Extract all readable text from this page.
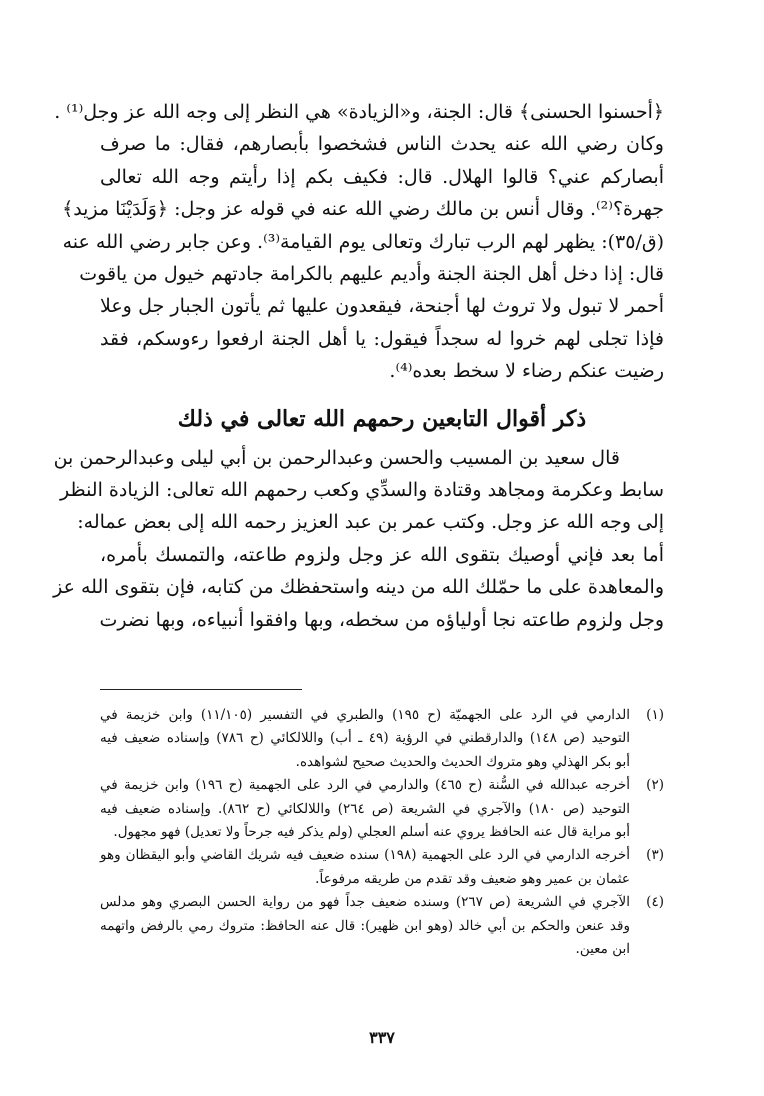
﴿أحسنوا الحسنى﴾ قال: الجنة، و«الزيادة» هي النظر إلى وجه الله عز وجل⁽¹⁾ .
وكان رضي الله عنه يحدث الناس فشخصوا بأبصارهم، فقال: ما صرف
أبصاركم عني؟ قالوا الهلال. قال: فكيف بكم إذا رأيتم وجه الله تعالى
جهرة؟⁽²⁾. وقال أنس بن مالك رضي الله عنه في قوله عز وجل: ﴿وَلَدَيْنَا مزيد﴾
(ق/٣٥): يظهر لهم الرب تبارك وتعالى يوم القيامة⁽³⁾. وعن جابر رضي الله عنه
قال: إذا دخل أهل الجنة الجنة وأديم عليهم بالكرامة جادتهم خيول من ياقوت
أحمر لا تبول ولا تروث لها أجنحة، فيقعدون عليها ثم يأتون الجبار جل وعلا
فإذا تجلى لهم خروا له سجداً فيقول: يا أهل الجنة ارفعوا رءوسكم، فقد
رضيت عنكم رضاء لا سخط بعده⁽⁴⁾.
ذكر أقوال التابعين رحمهم الله تعالى في ذلك
قال سعيد بن المسيب والحسن وعبدالرحمن بن أبي ليلى وعبدالرحمن بن
سابط وعكرمة ومجاهد وقتادة والسدِّي وكعب رحمهم الله تعالى: الزيادة النظر
إلى وجه الله عز وجل. وكتب عمر بن عبد العزيز رحمه الله إلى بعض عماله:
أما بعد فإني أوصيك بتقوى الله عز وجل ولزوم طاعته، والتمسك بأمره،
والمعاهدة على ما حمّلك الله من دينه واستحفظك من كتابه، فإن بتقوى الله عز
وجل ولزوم طاعته نجا أولياؤه من سخطه، وبها وافقوا أنبياءه، وبها نضرت
(١)
الدارمي في الرد على الجهميّة (ح ١٩٥) والطبري في التفسير (١١/١٠٥) وابن خزيمة في
التوحيد (ص ١٤٨) والدارقطني في الرؤية (٤٩ ـ أب) واللالكائي (ح ٧٨٦) وإسناده ضعيف فيه
أبو بكر الهذلي وهو متروك الحديث والحديث صحيح لشواهده.
(٢)
أخرجه عبدالله في السُّنة (ح ٤٦٥) والدارمي في الرد على الجهمية (ح ١٩٦) وابن خزيمة في
التوحيد (ص ١٨٠) والآجري في الشريعة (ص ٢٦٤) واللالكائي (ح ٨٦٢). وإسناده ضعيف فيه
أبو مراية قال عنه الحافظ يروي عنه أسلم العجلي (ولم يذكر فيه جرحاً ولا تعديل) فهو مجهول.
(٣)
أخرجه الدارمي في الرد على الجهمية (١٩٨) سنده ضعيف فيه شريك القاضي وأبو اليقظان وهو
عثمان بن عمير وهو ضعيف وقد تقدم من طريقه مرفوعاً.
(٤)
الآجري في الشريعة (ص ٢٦٧) وسنده ضعيف جداً فهو من رواية الحسن البصري وهو مدلس
وقد عنعن والحكم بن أبي خالد (وهو ابن ظهير): قال عنه الحافظ: متروك رمي بالرفض واتهمه
ابن معين.
٣٣٧
